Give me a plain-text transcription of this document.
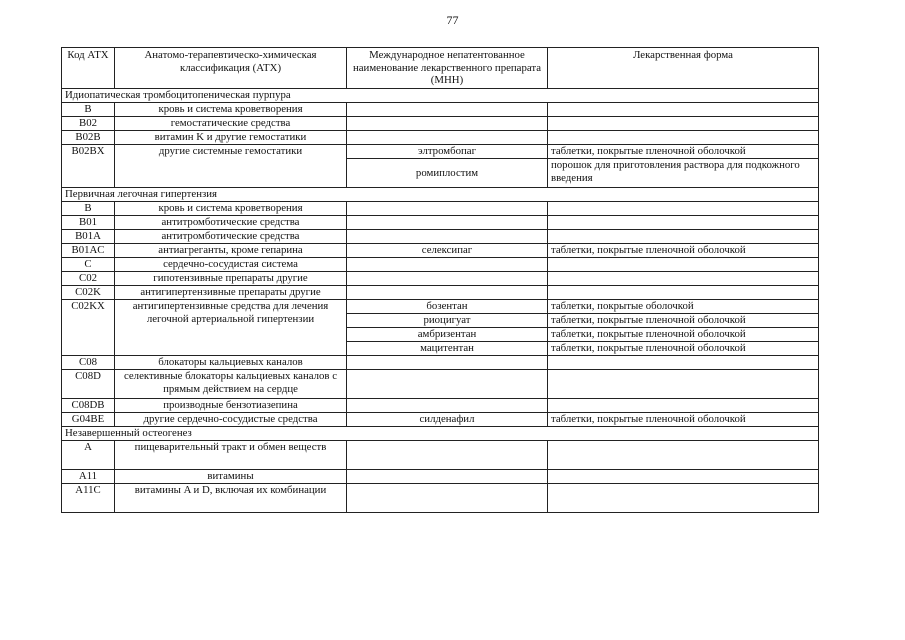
77
Код АТХ	Анатомо-терапевтическо-химическая классификация (АТХ)	Международное непатентованное наименование лекарственного препарата (МНН)	Лекарственная форма
Идиопатическая тромбоцитопеническая пурпура			
B	кровь и система кроветворения		
B02	гемостатические средства		
B02B	витамин K и другие гемостатики		
B02BX	другие системные гемостатики	элтромбопаг	таблетки, покрытые пленочной оболочкой
		ромиплостим	порошок для приготовления раствора для подкожного введения
Первичная легочная гипертензия			
B	кровь и система кроветворения		
B01	антитромботические средства		
B01A	антитромботические средства		
B01AC	антиагреганты, кроме гепарина	селексипаг	таблетки, покрытые пленочной оболочкой
C	сердечно-сосудистая система		
C02	гипотензивные препараты другие		
C02K	антигипертензивные препараты другие		
C02KX	антигипертензивные средства для лечения легочной артериальной гипертензии	бозентан	таблетки, покрытые оболочкой
		риоцигуат	таблетки, покрытые пленочной оболочкой
		амбризентан	таблетки, покрытые пленочной оболочкой
		мацитентан	таблетки, покрытые пленочной оболочкой
C08	блокаторы кальциевых каналов		
C08D	селективные блокаторы кальциевых каналов с прямым действием на сердце		
C08DB	производные бензотиазепина		
G04BE	другие сердечно-сосудистые средства	силденафил	таблетки, покрытые пленочной оболочкой
Незавершенный остеогенез			
A	пищеварительный тракт и обмен веществ		
A11	витамины		
A11C	витамины A и D, включая их комбинации		
